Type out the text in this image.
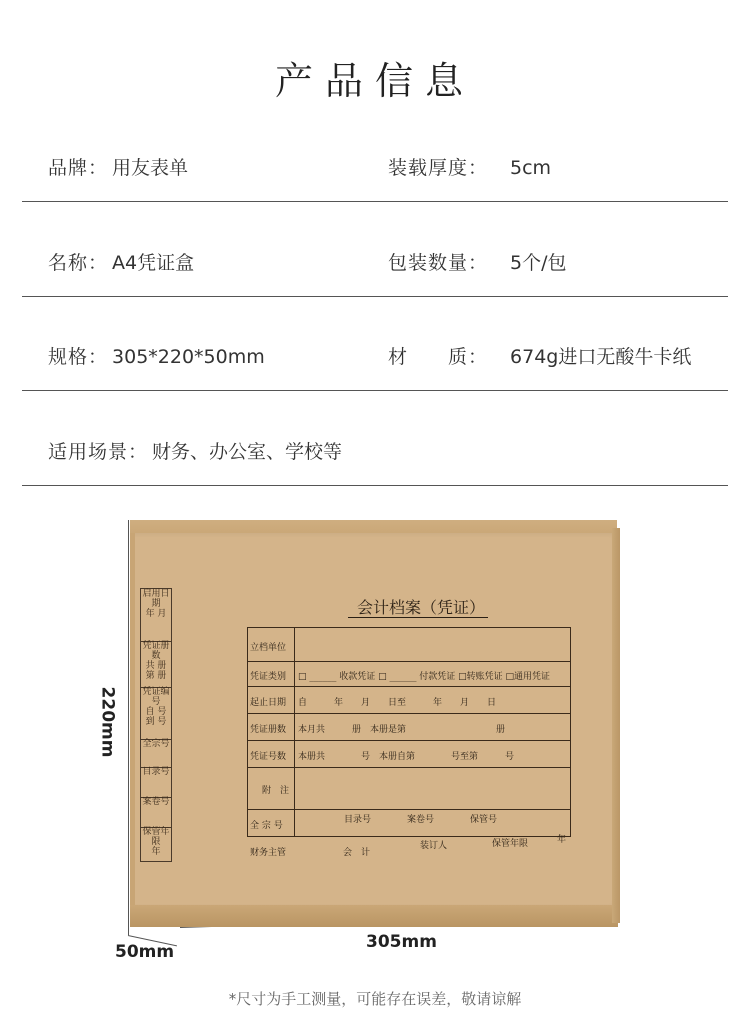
产品信息
品牌： 用友表单	装载厚度： 5cm
名称： A4凭证盒	包装数量： 5个/包
规格： 305*220*50mm	材　　质： 674g进口无酸牛卡纸
适用场景： 财务、办公室、学校等
220mm
50mm	305mm
启用日期
年 月
凭证册数
共 册
第 册
凭证编号
自 号
到 号
全宗号
目录号
案卷号
保管年限
年
会计档案（凭证）
立档单位
凭证类别 □ ______ 收款凭证 □ ______ 付款凭证 □转账凭证 □通用凭证
起止日期 自　　　年　　月　　日至　　　年　　月　　日
凭证册数 本月共　　　册　本册是第　　　　　　　　　　册
凭证号数 本册共　　　　号　本册自第　　　　号至第　　　号
附　注
全 宗 号
目录号　　　　案卷号　　　　保管号
财务主管	会　计
装订人	保管年限	年
*尺寸为手工测量，可能存在误差，敬请谅解
